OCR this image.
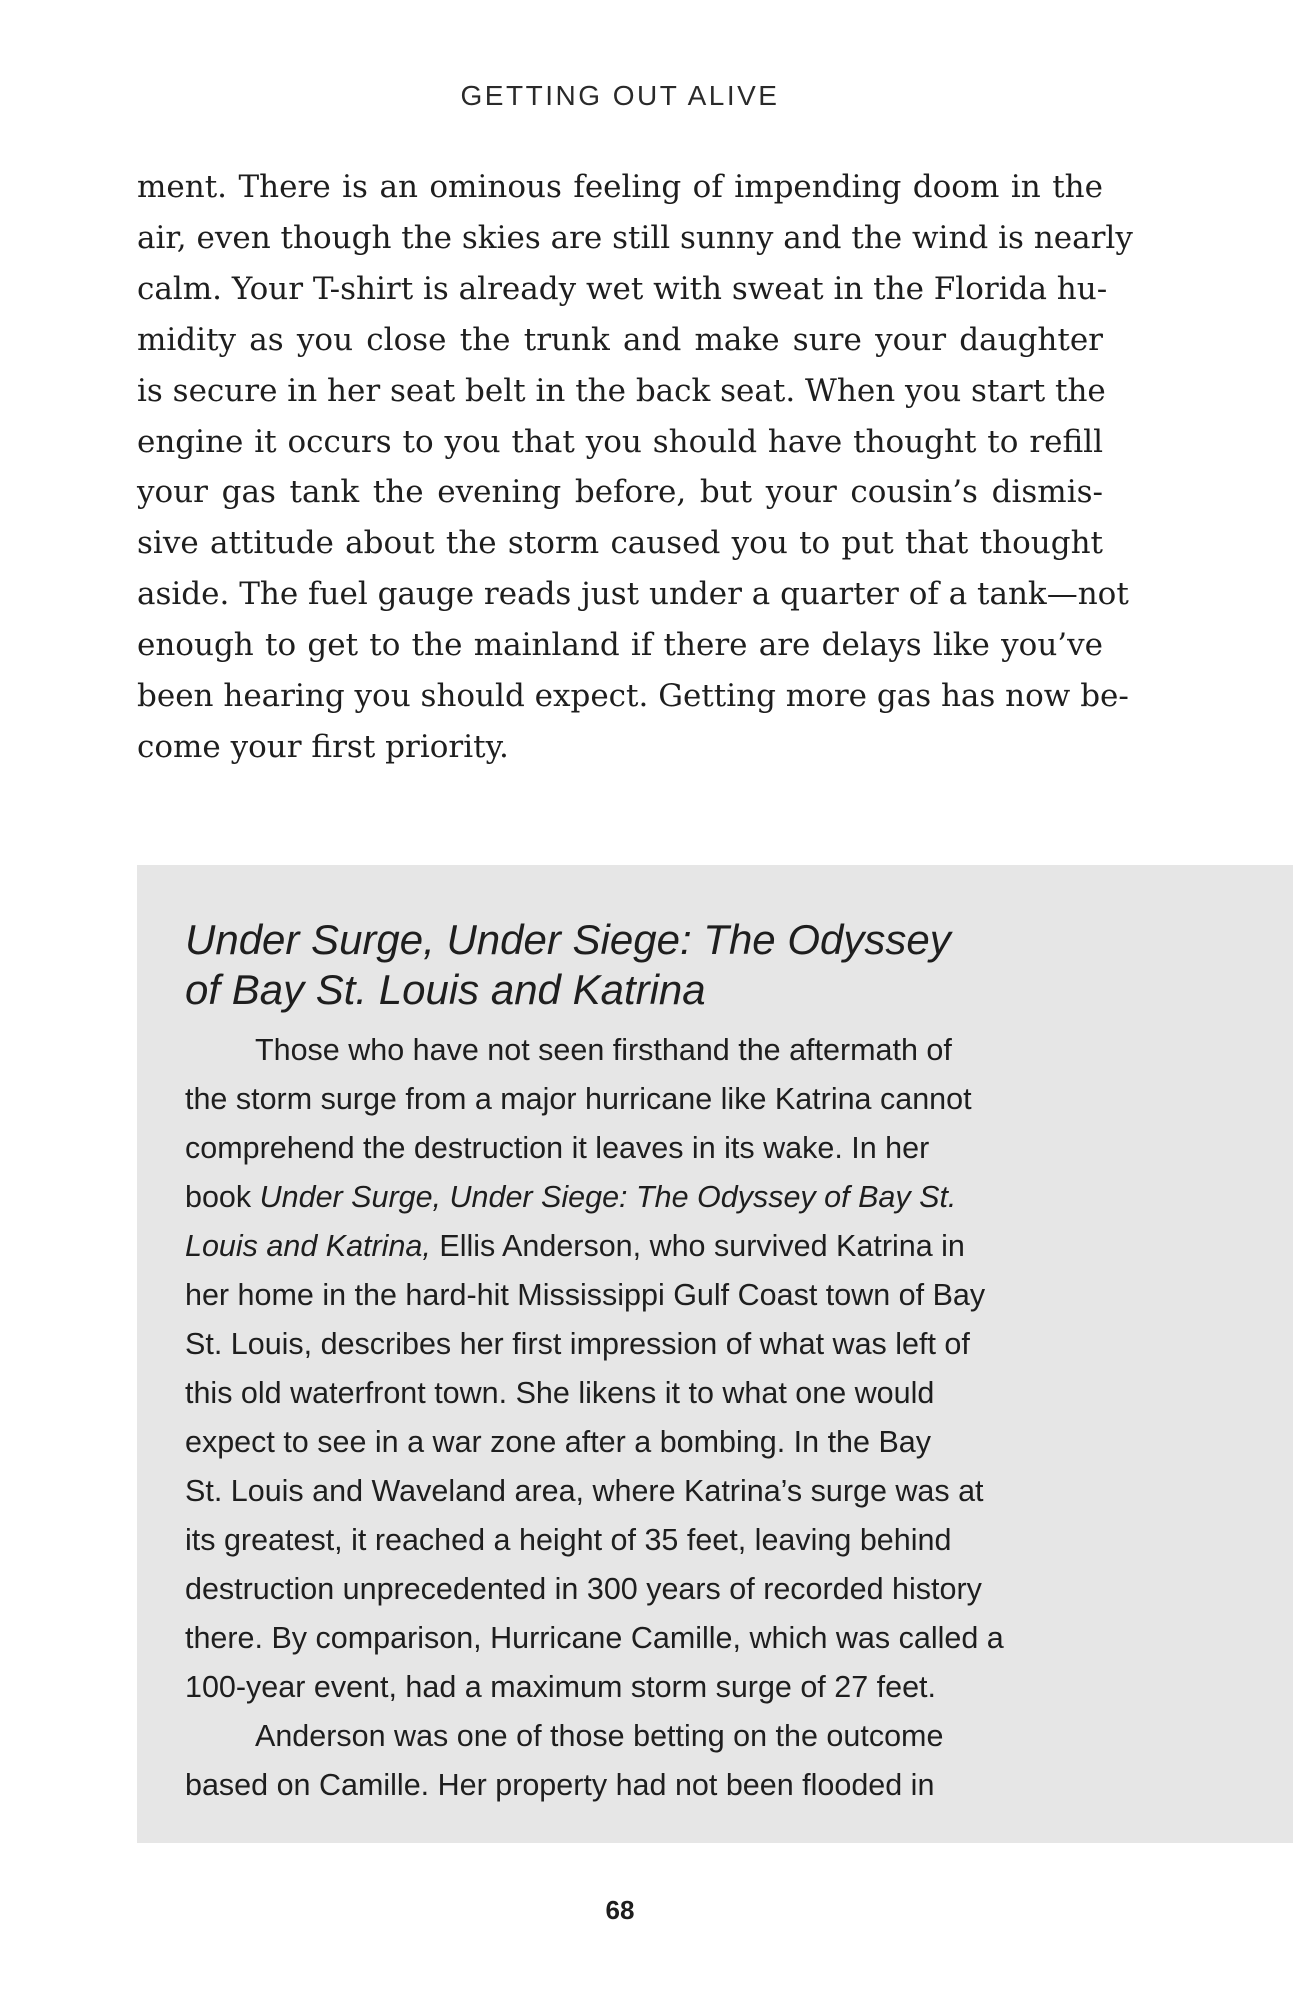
GETTING OUT ALIVE
ment. There is an ominous feeling of impending doom in the
air, even though the skies are still sunny and the wind is nearly
calm. Your T-shirt is already wet with sweat in the Florida hu-
midity as you close the trunk and make sure your daughter
is secure in her seat belt in the back seat. When you start the
engine it occurs to you that you should have thought to refill
your gas tank the evening before, but your cousin’s dismis-
sive attitude about the storm caused you to put that thought
aside. The fuel gauge reads just under a quarter of a tank—not
enough to get to the mainland if there are delays like you’ve
been hearing you should expect. Getting more gas has now be-
come your first priority.
Under Surge, Under Siege: The Odyssey
of Bay St. Louis and Katrina
Those who have not seen firsthand the aftermath of
the storm surge from a major hurricane like Katrina cannot
comprehend the destruction it leaves in its wake. In her
book Under Surge, Under Siege: The Odyssey of Bay St.
Louis and Katrina, Ellis Anderson, who survived Katrina in
her home in the hard-hit Mississippi Gulf Coast town of Bay
St. Louis, describes her first impression of what was left of
this old waterfront town. She likens it to what one would
expect to see in a war zone after a bombing. In the Bay
St. Louis and Waveland area, where Katrina’s surge was at
its greatest, it reached a height of 35 feet, leaving behind
destruction unprecedented in 300 years of recorded history
there. By comparison, Hurricane Camille, which was called a
100-year event, had a maximum storm surge of 27 feet.
Anderson was one of those betting on the outcome
based on Camille. Her property had not been flooded in
68
